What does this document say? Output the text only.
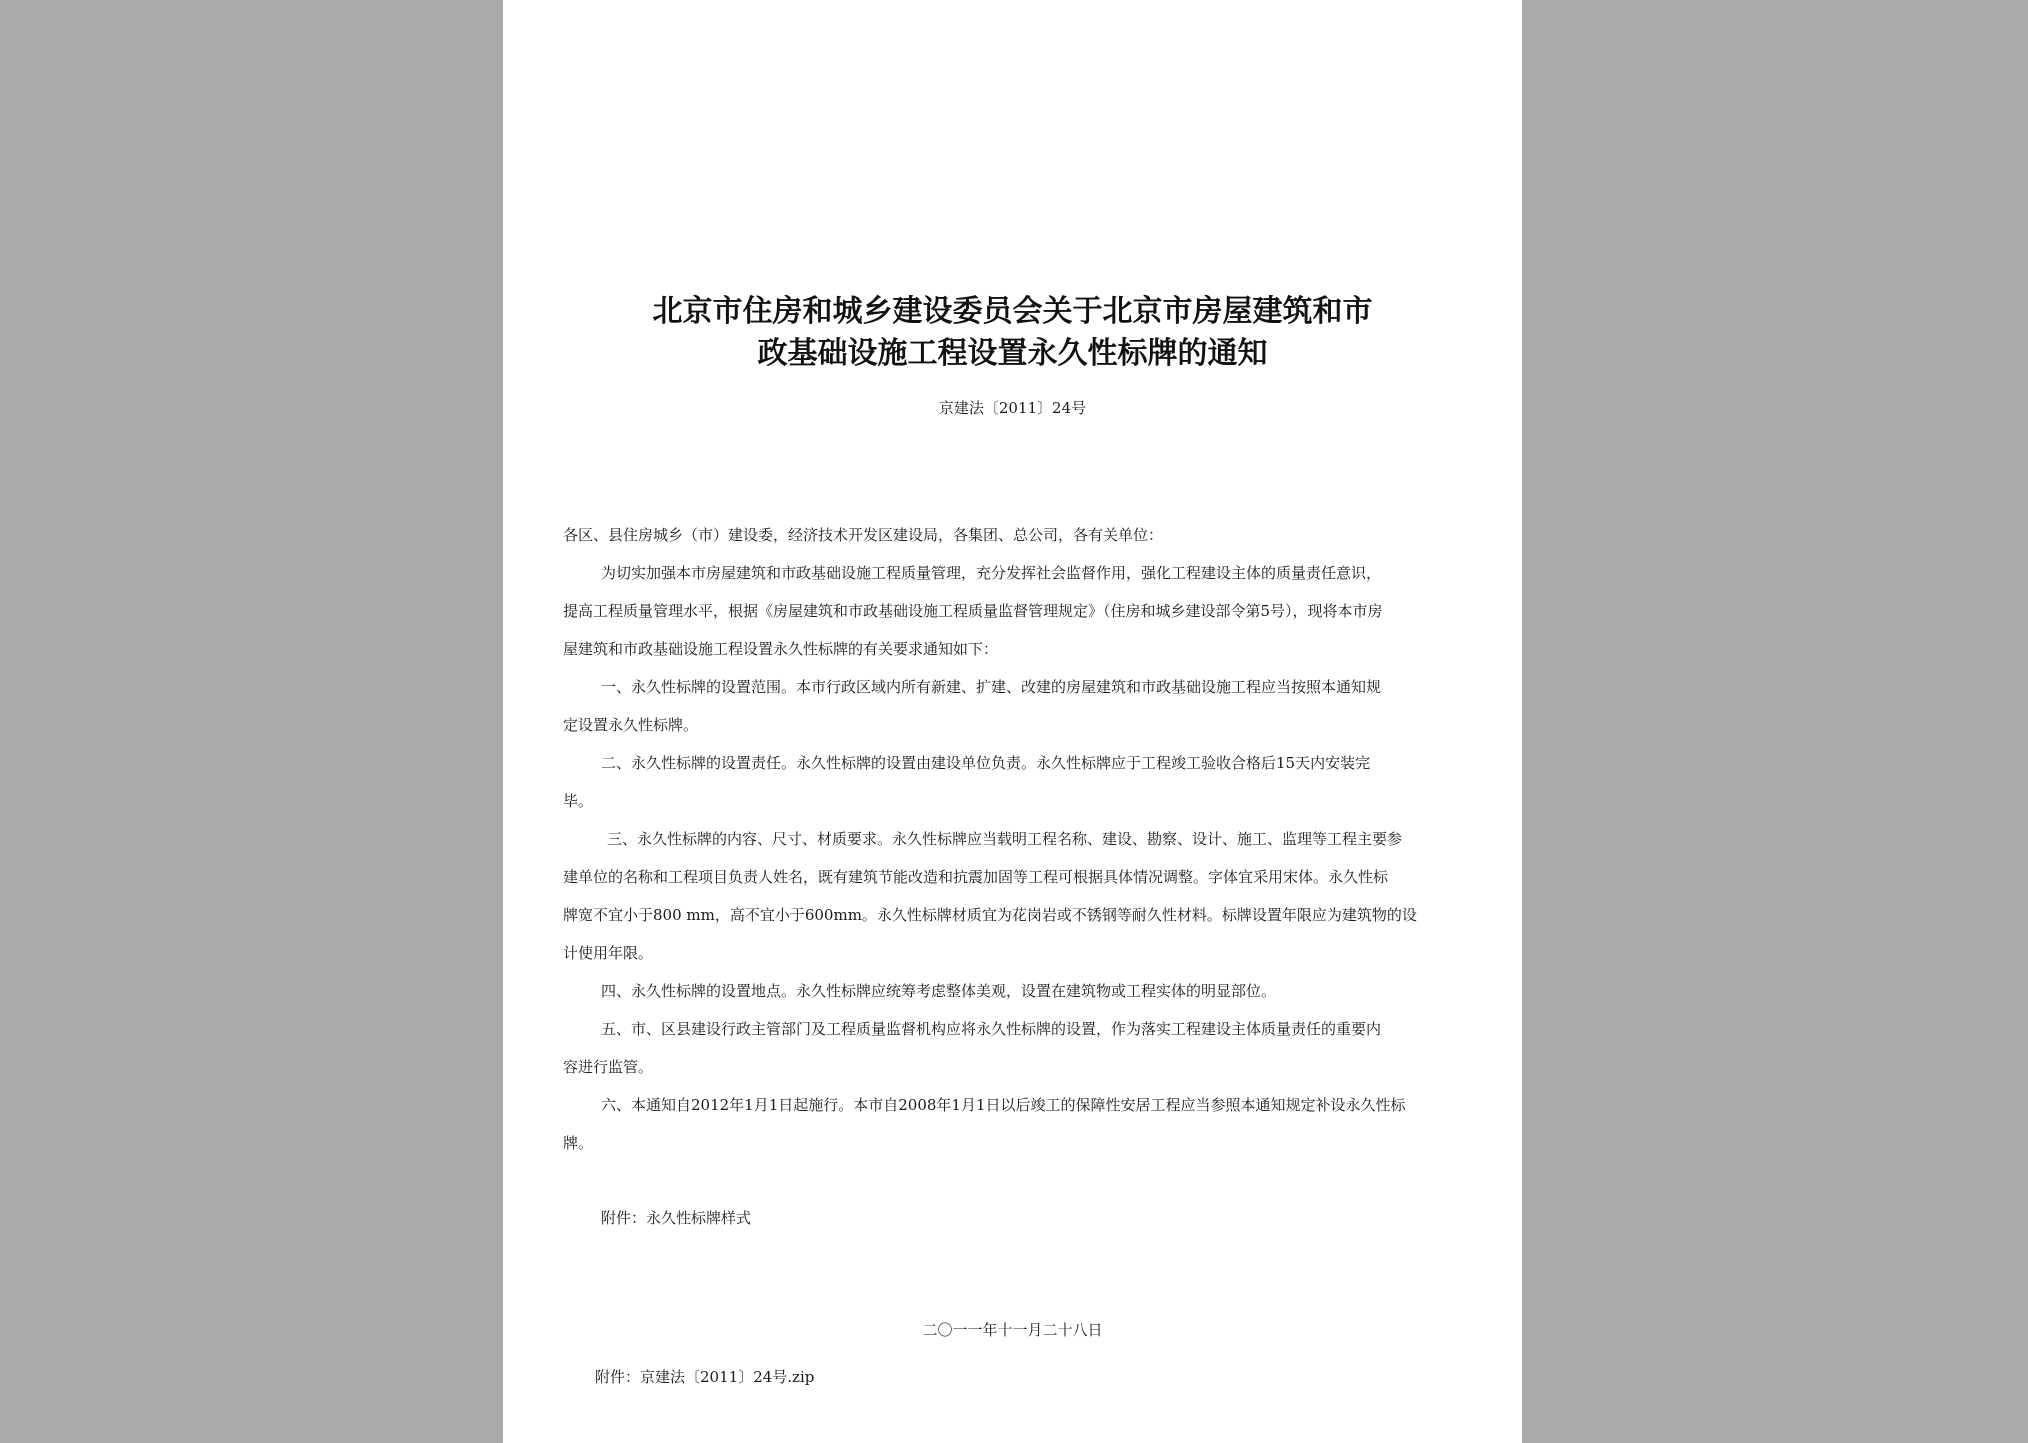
北京市住房和城乡建设委员会关于北京市房屋建筑和市
政基础设施工程设置永久性标牌的通知
京建法〔2011〕24号

各区、县住房城乡（市）建设委，经济技术开发区建设局，各集团、总公司，各有关单位：

为切实加强本市房屋建筑和市政基础设施工程质量管理，充分发挥社会监督作用，强化工程建设主体的质量责任意识，

提高工程质量管理水平，根据《房屋建筑和市政基础设施工程质量监督管理规定》（住房和城乡建设部令第5号），现将本市房

屋建筑和市政基础设施工程设置永久性标牌的有关要求通知如下：

一、永久性标牌的设置范围。本市行政区域内所有新建、扩建、改建的房屋建筑和市政基础设施工程应当按照本通知规

定设置永久性标牌。

二、永久性标牌的设置责任。永久性标牌的设置由建设单位负责。永久性标牌应于工程竣工验收合格后15天内安装完

毕。

三、永久性标牌的内容、尺寸、材质要求。永久性标牌应当载明工程名称、建设、勘察、设计、施工、监理等工程主要参

建单位的名称和工程项目负责人姓名，既有建筑节能改造和抗震加固等工程可根据具体情况调整。字体宜采用宋体。永久性标

牌宽不宜小于800 mm，高不宜小于600mm。永久性标牌材质宜为花岗岩或不锈钢等耐久性材料。标牌设置年限应为建筑物的设

计使用年限。

四、永久性标牌的设置地点。永久性标牌应统筹考虑整体美观，设置在建筑物或工程实体的明显部位。

五、市、区县建设行政主管部门及工程质量监督机构应将永久性标牌的设置，作为落实工程建设主体质量责任的重要内

容进行监管。

六、本通知自2012年1月1日起施行。本市自2008年1月1日以后竣工的保障性安居工程应当参照本通知规定补设永久性标

牌。

附件：永久性标牌样式
二〇一一年十一月二十八日
附件：京建法〔2011〕24号.zip
